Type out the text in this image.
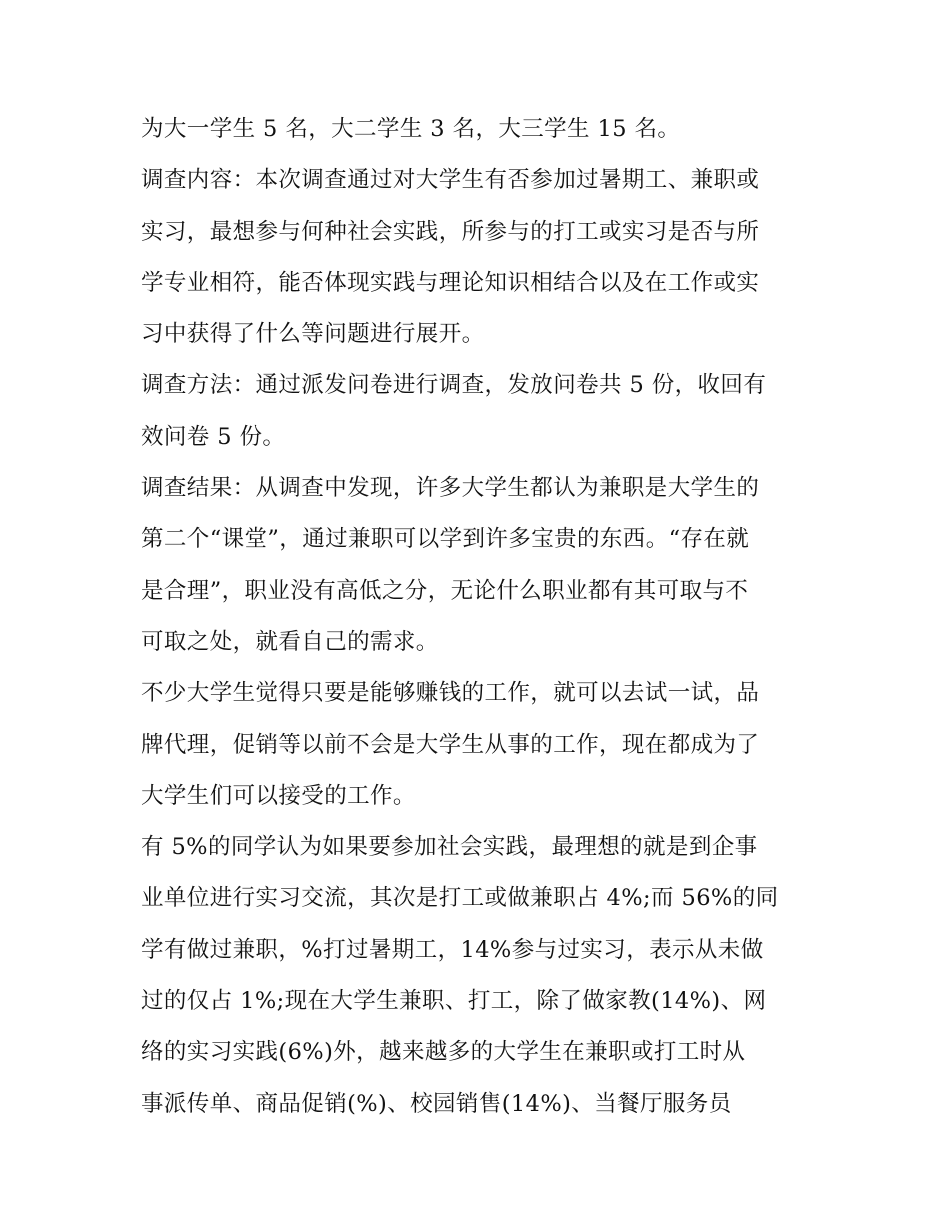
为大一学生 5 名，大二学生 3 名，大三学生 15 名。

调查内容：本次调查通过对大学生有否参加过暑期工、兼职或

实习，最想参与何种社会实践，所参与的打工或实习是否与所

学专业相符，能否体现实践与理论知识相结合以及在工作或实

习中获得了什么等问题进行展开。

调查方法：通过派发问卷进行调查，发放问卷共 5 份，收回有

效问卷 5 份。

调查结果：从调查中发现，许多大学生都认为兼职是大学生的

第二个“课堂”，通过兼职可以学到许多宝贵的东西。“存在就

是合理”，职业没有高低之分，无论什么职业都有其可取与不

可取之处，就看自己的需求。

不少大学生觉得只要是能够赚钱的工作，就可以去试一试，品

牌代理，促销等以前不会是大学生从事的工作，现在都成为了

大学生们可以接受的工作。

有 5%的同学认为如果要参加社会实践，最理想的就是到企事

业单位进行实习交流，其次是打工或做兼职占 4%;而 56%的同

学有做过兼职，%打过暑期工，14%参与过实习，表示从未做

过的仅占 1%;现在大学生兼职、打工，除了做家教(14%)、网

络的实习实践(6%)外，越来越多的大学生在兼职或打工时从

事派传单、商品促销(%)、校园销售(14%)、当餐厅服务员
